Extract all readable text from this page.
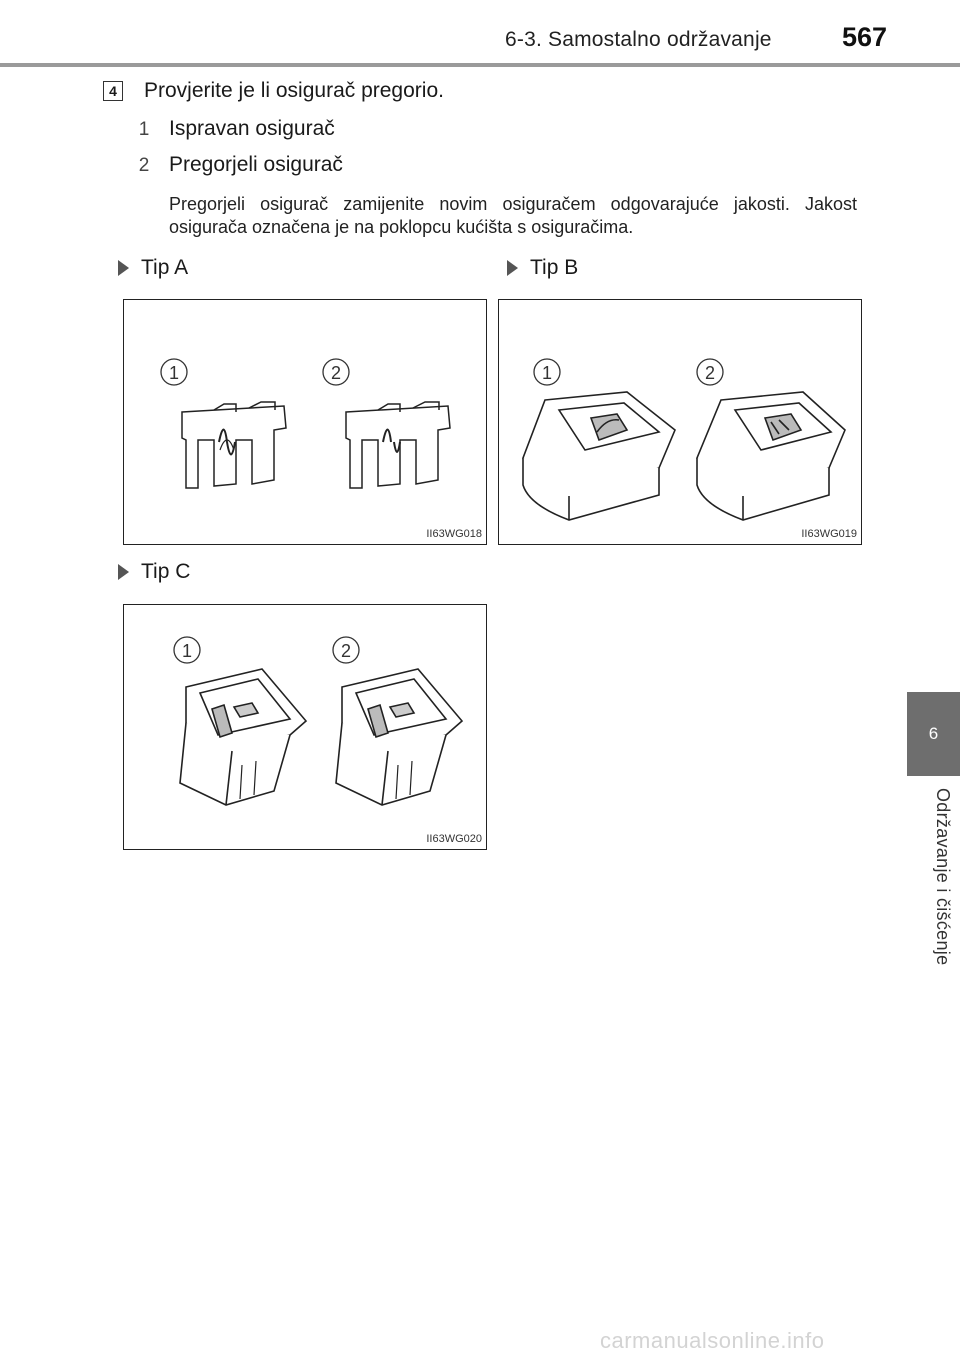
6-3. Samostalno održavanje	567
6
Održavanje i čišćenje
4 Provjerite je li osigurač pregorio.
1 Ispravan osigurač
2 Pregorjeli osigurač
Pregorjeli osigurač zamijenite novim osiguračem odgovarajuće jakosti. Jakost osigurača označena je na poklopcu kućišta s osiguračima.
Tip A	Tip B
Tip C
1	2
II63WG018
1	2
II63WG019
1	2
II63WG020
carmanualsonline.info
